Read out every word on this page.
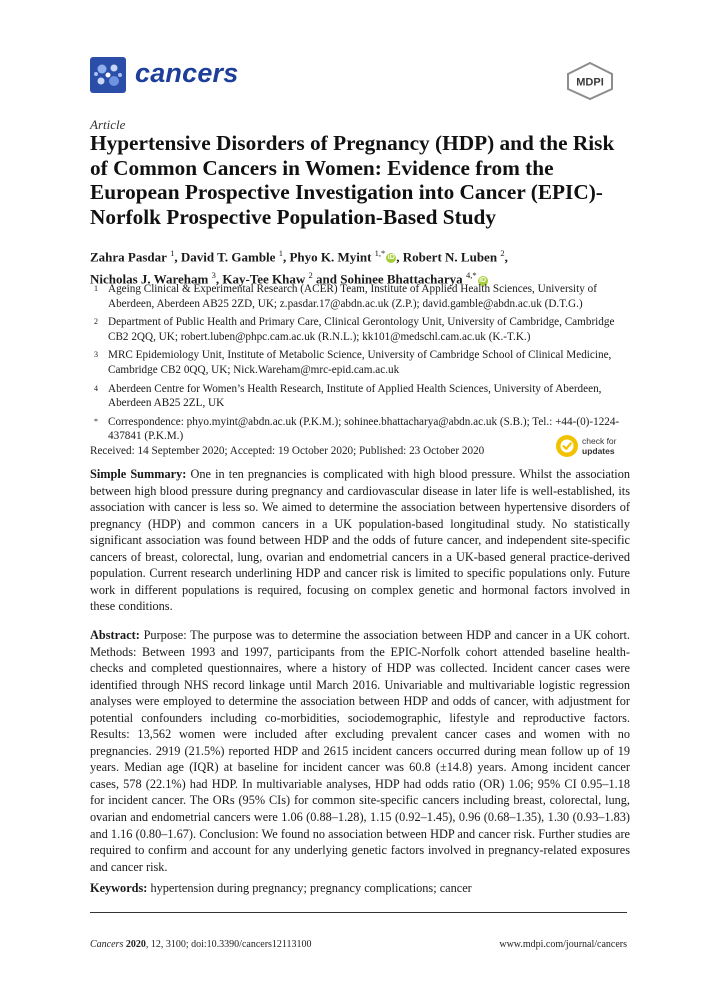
cancers	MDPI
Article
Hypertensive Disorders of Pregnancy (HDP) and the Risk of Common Cancers in Women: Evidence from the European Prospective Investigation into Cancer (EPIC)-Norfolk Prospective Population-Based Study
Zahra Pasdar $^1$, David T. Gamble $^1$, Phyo K. Myint $^{1,*}$ iD , Robert N. Luben $^2$,
Nicholas J. Wareham $^3$, Kay-Tee Khaw $^2$ and Sohinee Bhattacharya $^{4,*}$ iD
1 Ageing Clinical & Experimental Research (ACER) Team, Institute of Applied Health Sciences, University of Aberdeen, Aberdeen AB25 2ZD, UK; z.pasdar.17@abdn.ac.uk (Z.P.); david.gamble@abdn.ac.uk (D.T.G.)
2 Department of Public Health and Primary Care, Clinical Gerontology Unit, University of Cambridge, Cambridge CB2 2QQ, UK; robert.luben@phpc.cam.ac.uk (R.N.L.); kk101@medschl.cam.ac.uk (K.-T.K.)
3 MRC Epidemiology Unit, Institute of Metabolic Science, University of Cambridge School of Clinical Medicine, Cambridge CB2 0QQ, UK; Nick.Wareham@mrc-epid.cam.ac.uk
4 Aberdeen Centre for Women’s Health Research, Institute of Applied Health Sciences, University of Aberdeen, Aberdeen AB25 2ZL, UK
* Correspondence: phyo.myint@abdn.ac.uk (P.K.M.); sohinee.bhattacharya@abdn.ac.uk (S.B.); Tel.: +44-(0)-1224-437841 (P.K.M.)
Received: 14 September 2020; Accepted: 19 October 2020; Published: 23 October 2020
check for
updates
Simple Summary: One in ten pregnancies is complicated with high blood pressure. Whilst the association between high blood pressure during pregnancy and cardiovascular disease in later life is well-established, its association with cancer is less so. We aimed to determine the association between hypertensive disorders of pregnancy (HDP) and common cancers in a UK population-based longitudinal study. No statistically significant association was found between HDP and the odds of future cancer, and independent site-specific cancers of breast, colorectal, lung, ovarian and endometrial cancers in a UK-based general practice-derived population. Current research underlining HDP and cancer risk is limited to specific populations only. Future work in different populations is required, focusing on complex genetic and hormonal factors involved in these conditions.
Abstract: Purpose: The purpose was to determine the association between HDP and cancer in a UK cohort. Methods: Between 1993 and 1997, participants from the EPIC-Norfolk cohort attended baseline health-checks and completed questionnaires, where a history of HDP was collected. Incident cancer cases were identified through NHS record linkage until March 2016. Univariable and multivariable logistic regression analyses were employed to determine the association between HDP and odds of cancer, with adjustment for potential confounders including co-morbidities, sociodemographic, lifestyle and reproductive factors. Results: 13,562 women were included after excluding prevalent cancer cases and women with no pregnancies. 2919 (21.5%) reported HDP and 2615 incident cancers occurred during mean follow up of 19 years. Median age (IQR) at baseline for incident cancer was 60.8 (±14.8) years. Among incident cancer cases, 578 (22.1%) had HDP. In multivariable analyses, HDP had odds ratio (OR) 1.06; 95% CI 0.95–1.18 for incident cancer. The ORs (95% CIs) for common site-specific cancers including breast, colorectal, lung, ovarian and endometrial cancers were 1.06 (0.88–1.28), 1.15 (0.92–1.45), 0.96 (0.68–1.35), 1.30 (0.93–1.83) and 1.16 (0.80–1.67). Conclusion: We found no association between HDP and cancer risk. Further studies are required to confirm and account for any underlying genetic factors involved in pregnancy-related exposures and cancer risk.
Keywords: hypertension during pregnancy; pregnancy complications; cancer
Cancers 2020, 12, 3100; doi:10.3390/cancers12113100	www.mdpi.com/journal/cancers
